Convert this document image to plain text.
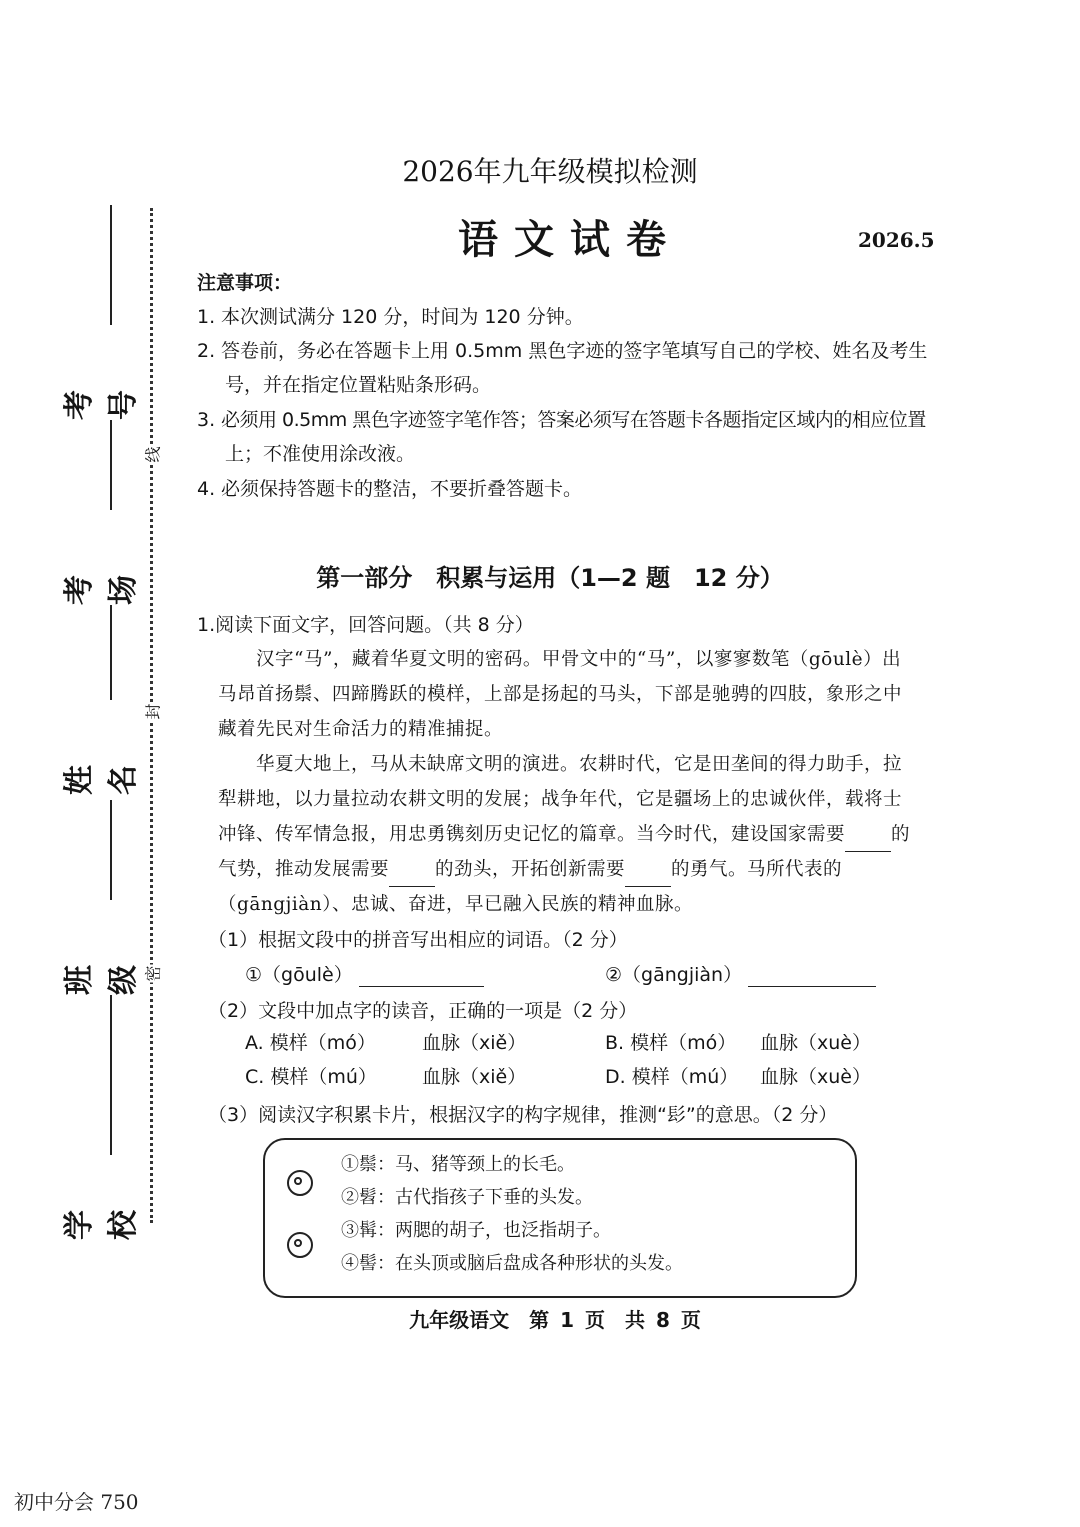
考号
考场
姓名
班级
学校
线
封
密
2026年九年级模拟检测
语文试卷	2026.5
注意事项：
1. 本次测试满分 120 分，时间为 120 分钟。
2. 答卷前，务必在答题卡上用 0.5mm 黑色字迹的签字笔填写自己的学校、姓名及考生
号，并在指定位置粘贴条形码。
3. 必须用 0.5mm 黑色字迹签字笔作答；答案必须写在答题卡各题指定区域内的相应位置
上；不准使用涂改液。
4. 必须保持答题卡的整洁，不要折叠答题卡。
第一部分　积累与运用（1—2 题　12 分）
1.阅读下面文字，回答问题。（共 8 分）
汉字“马”，藏着华夏文明的密码。甲骨文中的“马”，以寥寥数笔（gōulè）出马昂首扬鬃、四蹄腾跃的模样，上部是扬起的马头，下部是驰骋的四肢，象形之中藏着先民对生命活力的精准捕捉。
华夏大地上，马从未缺席文明的演进。农耕时代，它是田垄间的得力助手，拉犁耕地，以力量拉动农耕文明的发展；战争年代，它是疆场上的忠诚伙伴，载将士冲锋、传军情急报，用忠勇镌刻历史记忆的篇章。当今时代，建设国家需要 的气势，推动发展需要 的劲头，开拓创新需要 的勇气。马所代表的（gāngjiàn）、忠诚、奋进，早已融入民族的精神血脉。
（1）根据文段中的拼音写出相应的词语。（2 分）
①（gōulè）	②（gāngjiàn）
（2）文段中加点字的读音，正确的一项是（2 分）
A. 模样（mó） 血脉（xiě）	B. 模样（mó） 血脉（xuè）
C. 模样（mú） 血脉（xiě）	D. 模样（mú） 血脉（xuè）
（3）阅读汉字积累卡片，根据汉字的构字规律，推测“髟”的意思。（2 分）
①鬃：马、猪等颈上的长毛。
②髫：古代指孩子下垂的头发。
③髯：两腮的胡子，也泛指胡子。
④髻：在头顶或脑后盘成各种形状的头发。
九年级语文　第 1 页　共 8 页
初中分会 750
